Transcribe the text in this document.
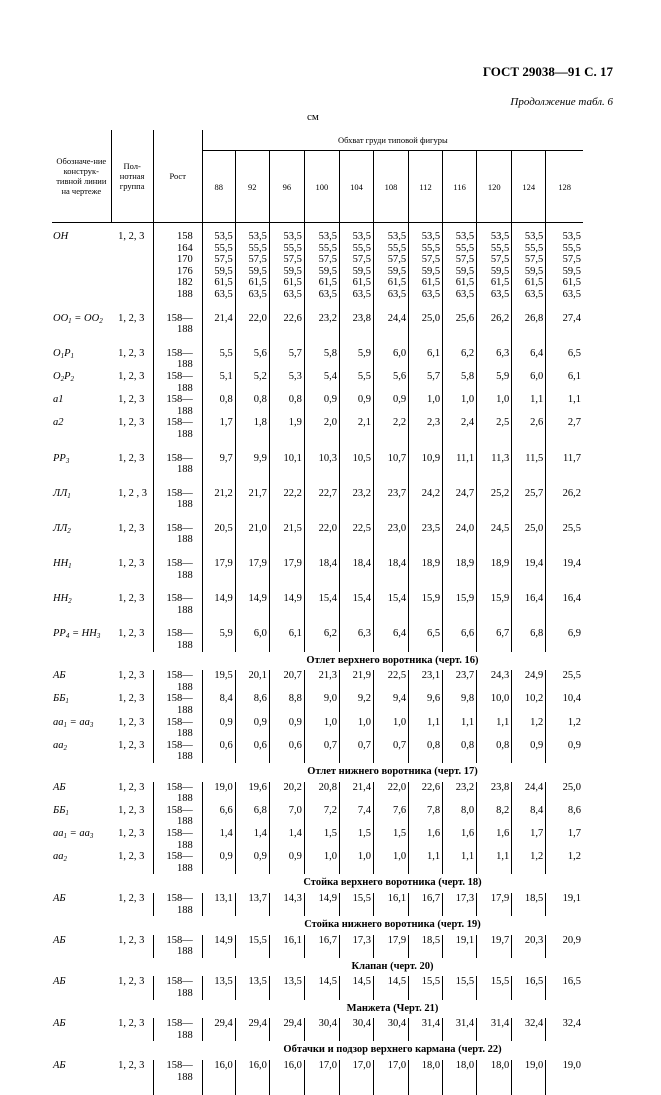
ГОСТ 29038—91 С. 17
Продолжение табл. 6
см
Обозначе-ние конструк-тивной линии на чертеже	Пол-нотная группа	Рост	Обхват груди типовой фигуры										
			88	92	96	100	104	108	112	116	120	124	128

ОН	1, 2, 3	158	53,5	53,5	53,5	53,5	53,5	53,5	53,5	53,5	53,5	53,5	53,5
		164	55,5	55,5	55,5	55,5	55,5	55,5	55,5	55,5	55,5	55,5	55,5
		170	57,5	57,5	57,5	57,5	57,5	57,5	57,5	57,5	57,5	57,5	57,5
		176	59,5	59,5	59,5	59,5	59,5	59,5	59,5	59,5	59,5	59,5	59,5
		182	61,5	61,5	61,5	61,5	61,5	61,5	61,5	61,5	61,5	61,5	61,5
		188	63,5	63,5	63,5	63,5	63,5	63,5	63,5	63,5	63,5	63,5	63,5

$ОО_1 = ОО_2$	1, 2, 3	158—188	21,4	22,0	22,6	23,2	23,8	24,4	25,0	25,6	26,2	26,8	27,4

$О_1Р_1$	1, 2, 3	158—188	5,5	5,6	5,7	5,8	5,9	6,0	6,1	6,2	6,3	6,4	6,5
$О_2Р_2$	1, 2, 3	158—188	5,1	5,2	5,3	5,4	5,5	5,6	5,7	5,8	5,9	6,0	6,1
а1	1, 2, 3	158—188	0,8	0,8	0,8	0,9	0,9	0,9	1,0	1,0	1,0	1,1	1,1
а2	1, 2, 3	158—188	1,7	1,8	1,9	2,0	2,1	2,2	2,3	2,4	2,5	2,6	2,7

$РР_3$	1, 2, 3	158—188	9,7	9,9	10,1	10,3	10,5	10,7	10,9	11,1	11,3	11,5	11,7

$ЛЛ_1$	1, 2 , 3	158—188	21,2	21,7	22,2	22,7	23,2	23,7	24,2	24,7	25,2	25,7	26,2

$ЛЛ_2$	1, 2, 3	158—188	20,5	21,0	21,5	22,0	22,5	23,0	23,5	24,0	24,5	25,0	25,5

$НН_1$	1, 2, 3	158—188	17,9	17,9	17,9	18,4	18,4	18,4	18,9	18,9	18,9	19,4	19,4

$НН_2$	1, 2, 3	158—188	14,9	14,9	14,9	15,4	15,4	15,4	15,9	15,9	15,9	16,4	16,4

$РР_4 = НН_3$	1, 2, 3	158—188	5,9	6,0	6,1	6,2	6,3	6,4	6,5	6,6	6,7	6,8	6,9
Отлет верхнего воротника (черт. 16)													
АБ	1, 2, 3	158—188	19,5	20,1	20,7	21,3	21,9	22,5	23,1	23,7	24,3	24,9	25,5
$ББ_1$	1, 2, 3	158—188	8,4	8,6	8,8	9,0	9,2	9,4	9,6	9,8	10,0	10,2	10,4
$аа_1 = аа_3$	1, 2, 3	158—188	0,9	0,9	0,9	1,0	1,0	1,0	1,1	1,1	1,1	1,2	1,2
$аа_2$	1, 2, 3	158—188	0,6	0,6	0,6	0,7	0,7	0,7	0,8	0,8	0,8	0,9	0,9
Отлет нижнего воротника (черт. 17)													
АБ	1, 2, 3	158—188	19,0	19,6	20,2	20,8	21,4	22,0	22,6	23,2	23,8	24,4	25,0
$ББ_1$	1, 2, 3	158—188	6,6	6,8	7,0	7,2	7,4	7,6	7,8	8,0	8,2	8,4	8,6
$аа_1 = аа_3$	1, 2, 3	158—188	1,4	1,4	1,4	1,5	1,5	1,5	1,6	1,6	1,6	1,7	1,7
$аа_2$	1, 2, 3	158—188	0,9	0,9	0,9	1,0	1,0	1,0	1,1	1,1	1,1	1,2	1,2
Стойка верхнего воротника (черт. 18)													
АБ	1, 2, 3	158—188	13,1	13,7	14,3	14,9	15,5	16,1	16,7	17,3	17,9	18,5	19,1
Стойка нижнего воротника (черт. 19)													
АБ	1, 2, 3	158—188	14,9	15,5	16,1	16,7	17,3	17,9	18,5	19,1	19,7	20,3	20,9
Клапан (черт. 20)													
АБ	1, 2, 3	158—188	13,5	13,5	13,5	14,5	14,5	14,5	15,5	15,5	15,5	16,5	16,5
Манжета (Черт. 21)													
АБ	1, 2, 3	158—188	29,4	29,4	29,4	30,4	30,4	30,4	31,4	31,4	31,4	32,4	32,4
Обтачки и подзор верхнего кармана (черт. 22)													
АБ	1, 2, 3	158—188	16,0	16,0	16,0	17,0	17,0	17,0	18,0	18,0	18,0	19,0	19,0
